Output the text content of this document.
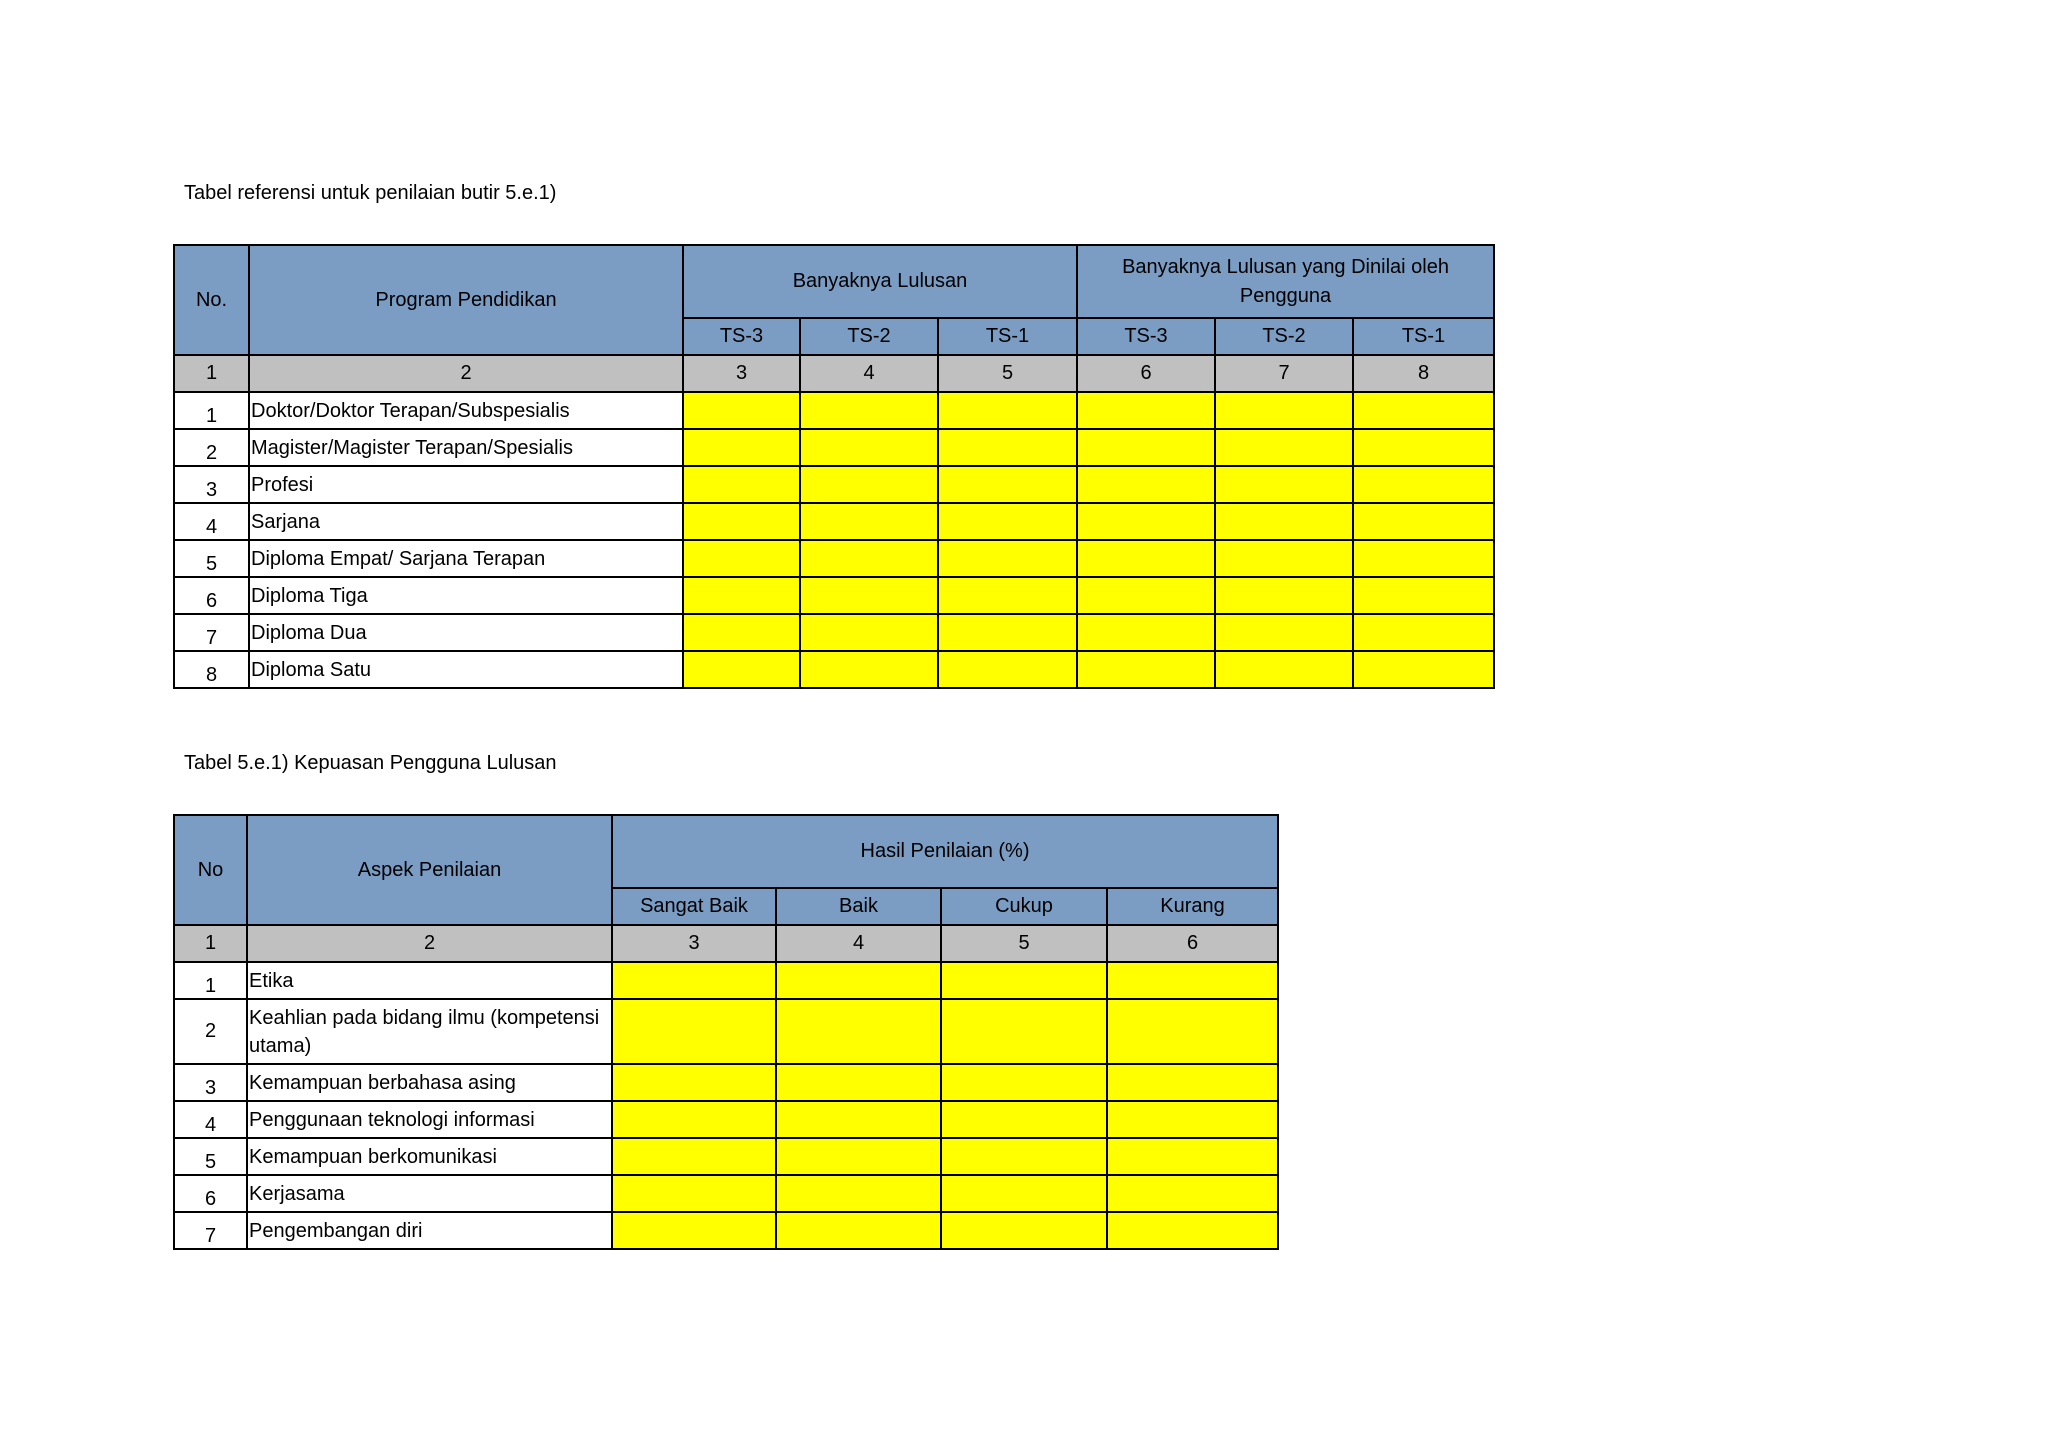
Tabel referensi untuk penilaian butir 5.e.1)
No.	Program Pendidikan	Banyaknya Lulusan			Banyaknya Lulusan yang Dinilai oleh Pengguna		
		TS-3	TS-2	TS-1	TS-3	TS-2	TS-1
1	2	3	4	5	6	7	8
1	Doktor/Doktor Terapan/Subspesialis						
2	Magister/Magister Terapan/Spesialis						
3	Profesi						
4	Sarjana						
5	Diploma Empat/ Sarjana Terapan						
6	Diploma Tiga						
7	Diploma Dua						
8	Diploma Satu						
Tabel 5.e.1) Kepuasan Pengguna Lulusan
No	Aspek Penilaian	Hasil Penilaian (%)			
		Sangat Baik	Baik	Cukup	Kurang
1	2	3	4	5	6
1	Etika				
2	Keahlian pada bidang ilmu (kompetensi utama)				
3	Kemampuan berbahasa asing				
4	Penggunaan teknologi informasi				
5	Kemampuan berkomunikasi				
6	Kerjasama				
7	Pengembangan diri				
